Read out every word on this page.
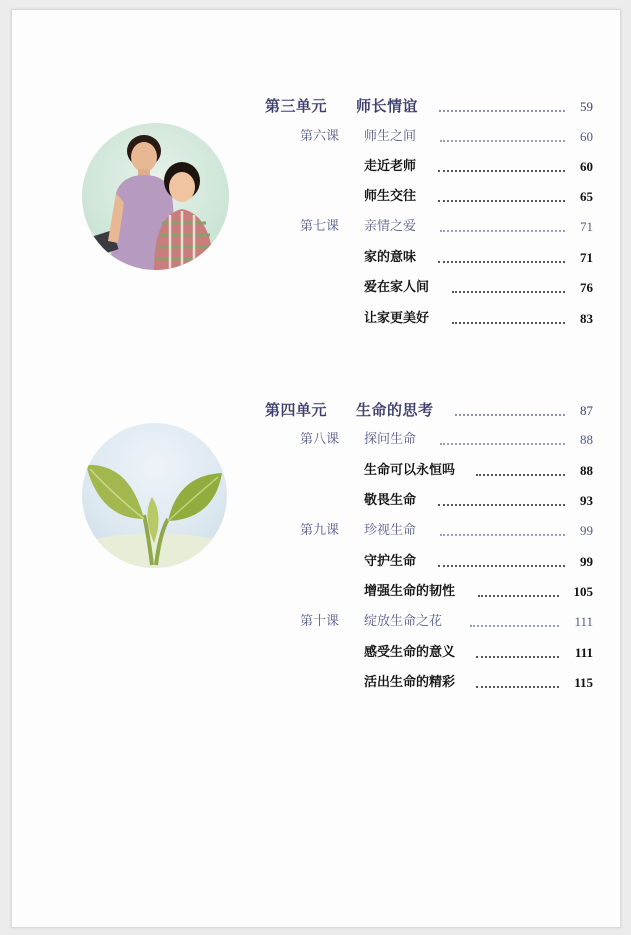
第三单元 师长情谊	59
第六课 师生之间	60
走近老师	60
师生交往	65
第七课 亲情之爱	71
家的意味	71
爱在家人间	76
让家更美好	83
第四单元 生命的思考	87
第八课 探问生命	88
生命可以永恒吗	88
敬畏生命	93
第九课 珍视生命	99
守护生命	99
增强生命的韧性	105
第十课 绽放生命之花	111
感受生命的意义	111
活出生命的精彩	115
